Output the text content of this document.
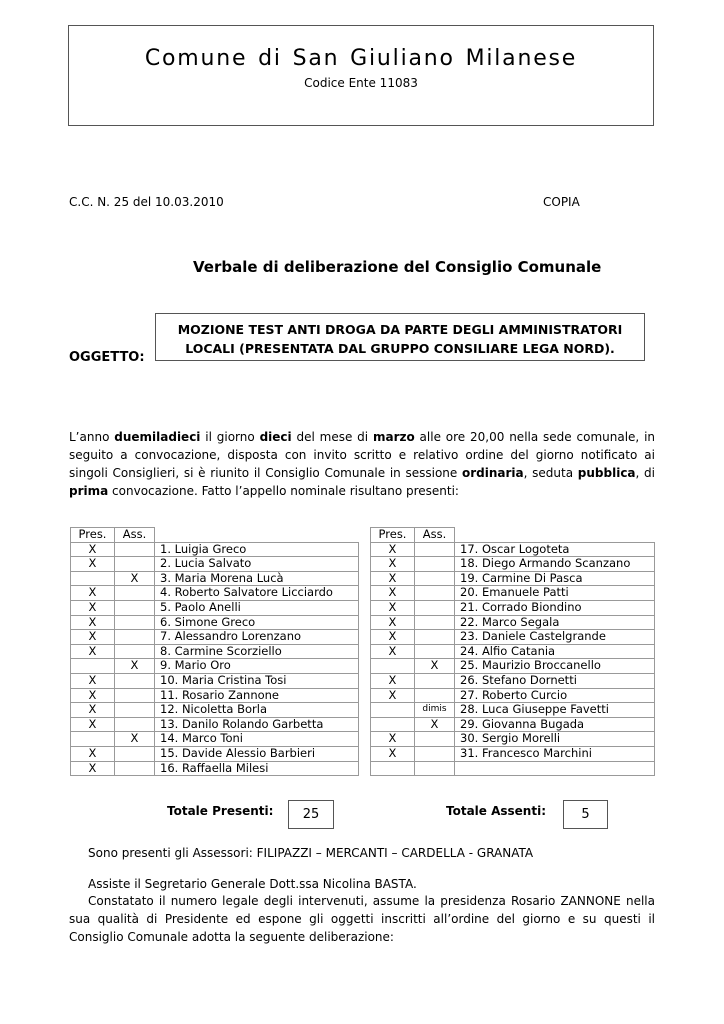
Comune di San Giuliano Milanese
Codice Ente 11083
C.C. N. 25 del 10.03.2010	COPIA
Verbale di deliberazione del Consiglio Comunale
MOZIONE TEST ANTI DROGA DA PARTE DEGLI AMMINISTRATORI
LOCALI (PRESENTATA DAL GRUPPO CONSILIARE LEGA NORD).
OGGETTO:
L’anno duemiladieci il giorno dieci del mese di marzo alle ore 20,00 nella sede comunale, in seguito a convocazione, disposta con invito scritto e relativo ordine del giorno notificato ai singoli Consiglieri, si è riunito il Consiglio Comunale in sessione ordinaria, seduta pubblica, di prima convocazione. Fatto l’appello nominale risultano presenti:
Pres.	Ass.	
X		1. Luigia Greco
X		2. Lucia Salvato
	X	3. Maria Morena Lucà
X		4. Roberto Salvatore Licciardo
X		5. Paolo Anelli
X		6. Simone Greco
X		7. Alessandro Lorenzano
X		8. Carmine Scorziello
	X	9. Mario Oro
X		10. Maria Cristina Tosi
X		11. Rosario Zannone
X		12. Nicoletta Borla
X		13. Danilo Rolando Garbetta
	X	14. Marco Toni
X		15. Davide Alessio Barbieri
X		16. Raffaella Milesi
Pres.	Ass.	
X		17. Oscar Logoteta
X		18. Diego Armando Scanzano
X		19. Carmine Di Pasca
X		20. Emanuele Patti
X		21. Corrado Biondino
X		22. Marco Segala
X		23. Daniele Castelgrande
X		24. Alfio Catania
	X	25. Maurizio Broccanello
X		26. Stefano Dornetti
X		27. Roberto Curcio
	dimis	28. Luca Giuseppe Favetti
	X	29. Giovanna Bugada
X		30. Sergio Morelli
X		31. Francesco Marchini

Totale Presenti:	25	Totale Assenti:	5
Sono presenti gli Assessori: FILIPAZZI – MERCANTI – CARDELLA - GRANATA
Assiste il Segretario Generale Dott.ssa Nicolina BASTA.
Constatato il numero legale degli intervenuti, assume la presidenza Rosario ZANNONE nella sua qualità di Presidente ed espone gli oggetti inscritti all’ordine del giorno e su questi il Consiglio Comunale adotta la seguente deliberazione:
